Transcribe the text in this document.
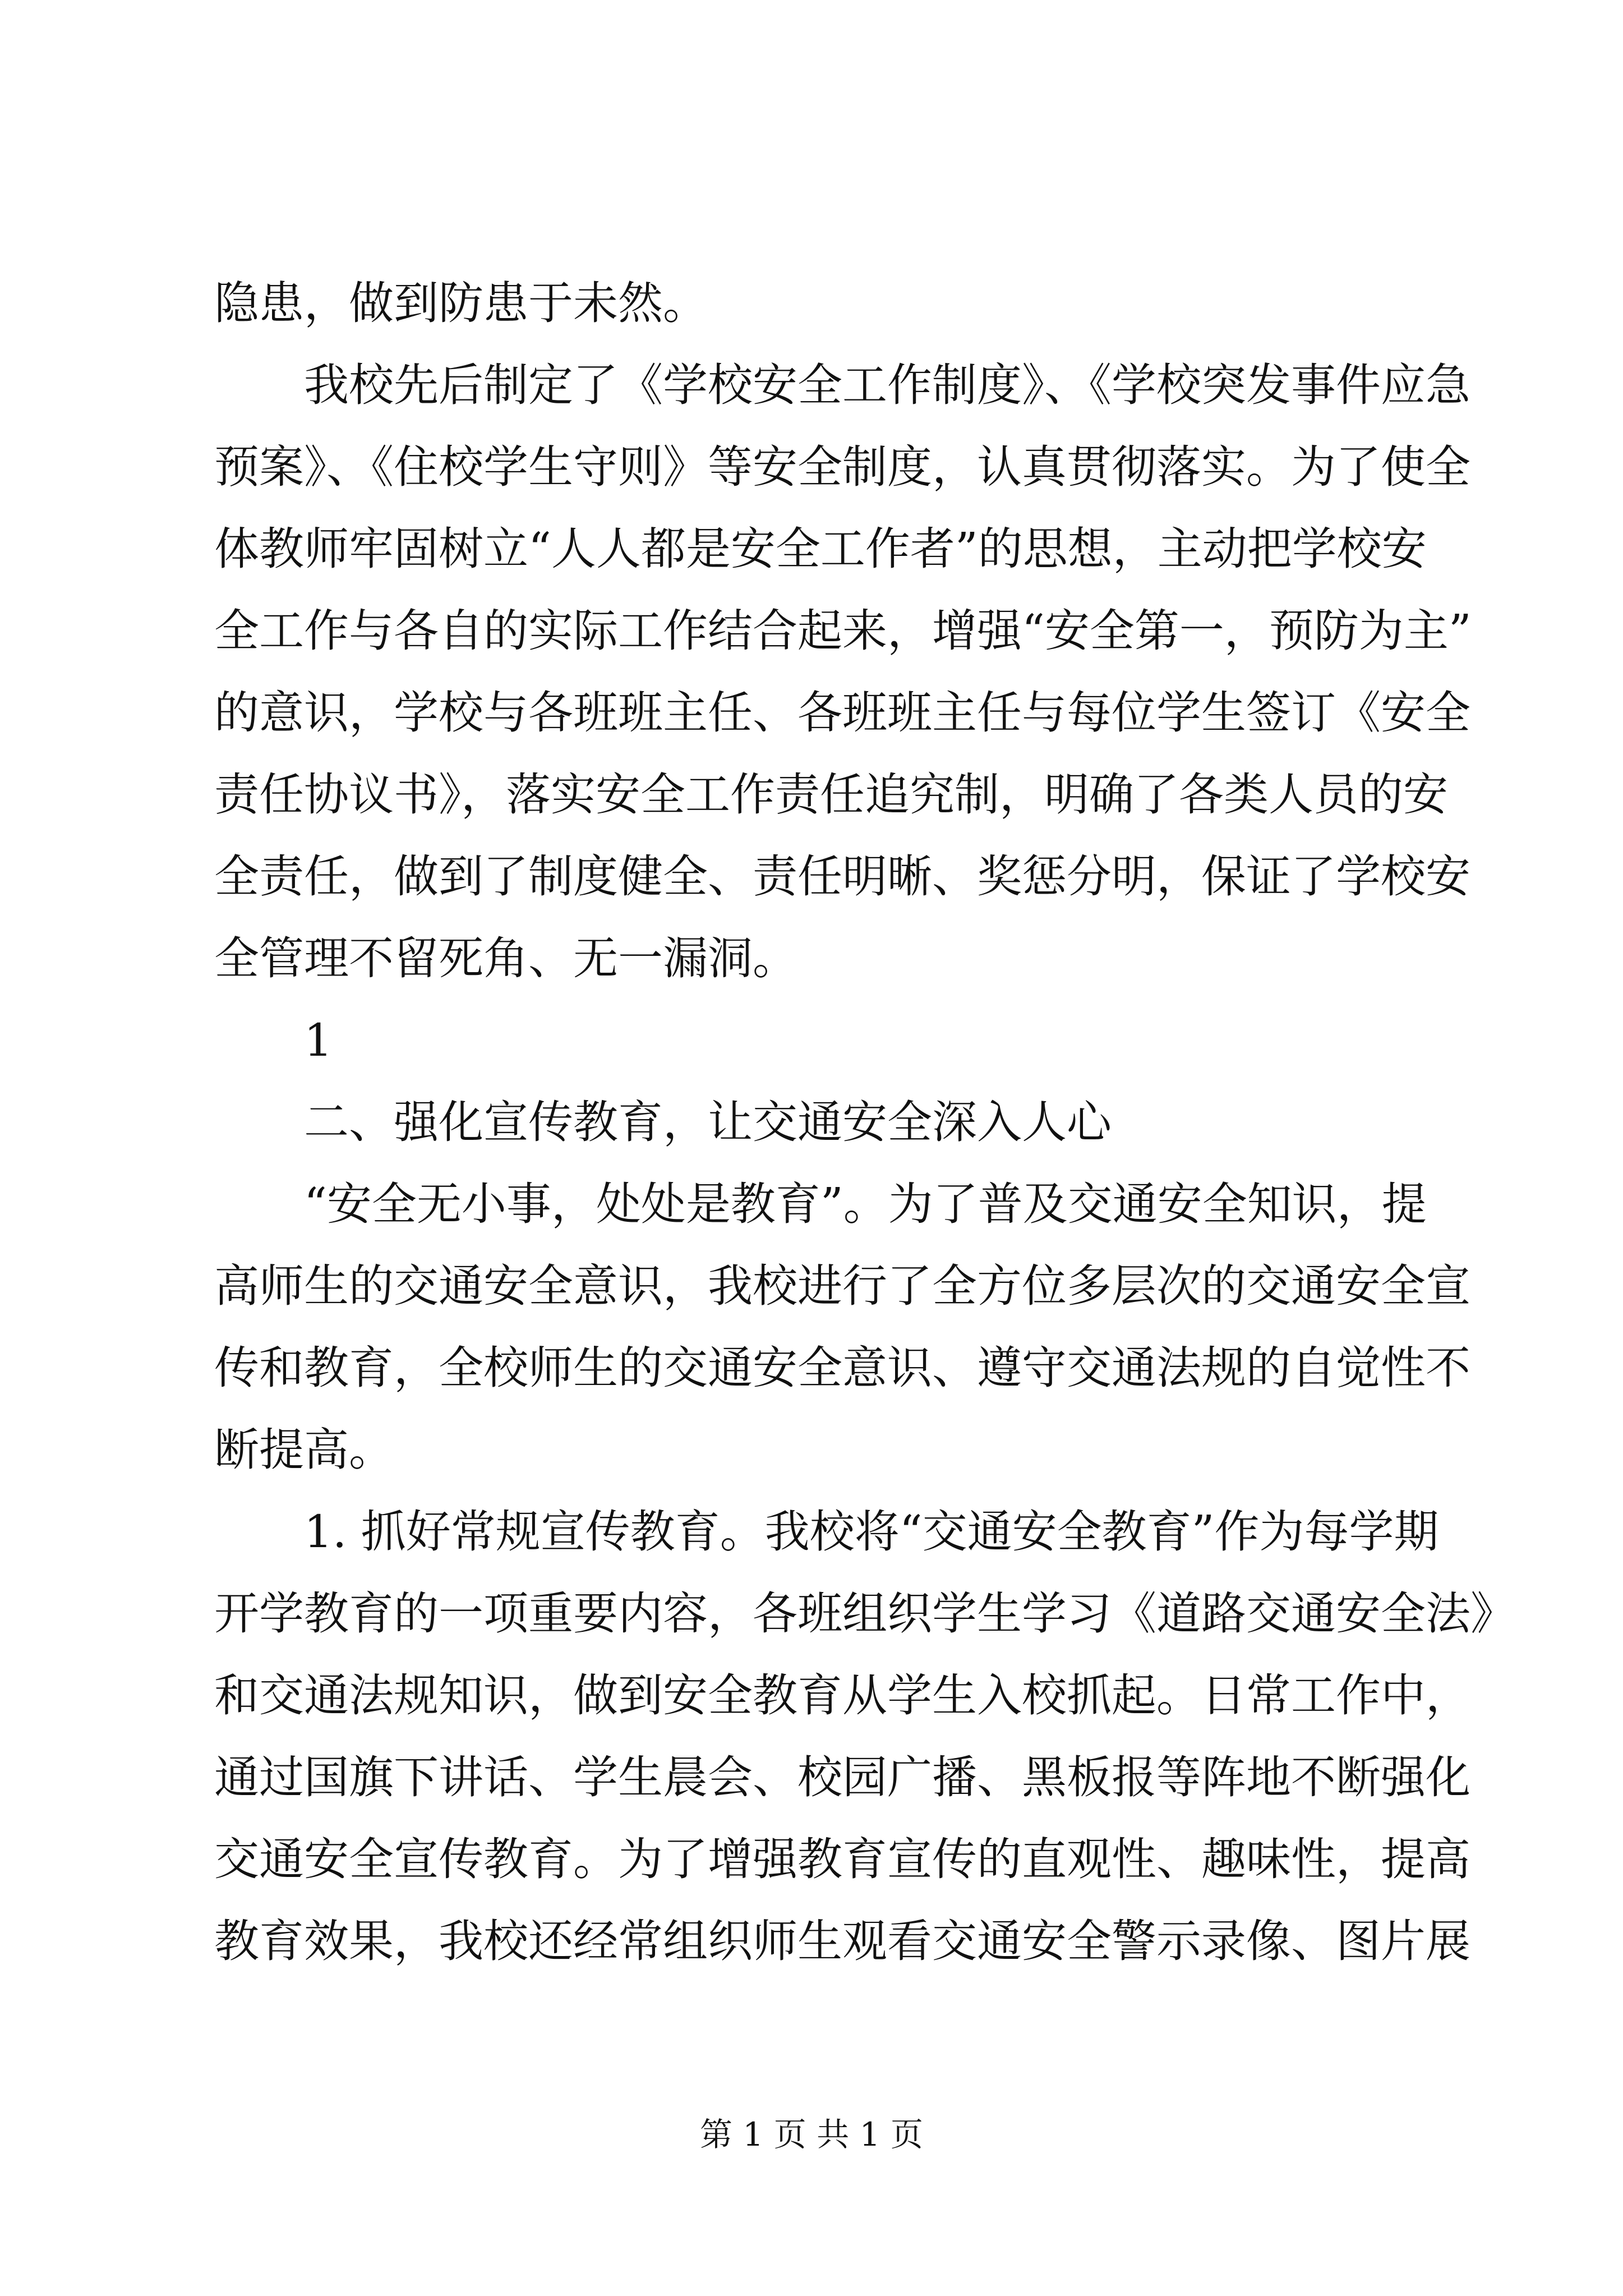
隐患，做到防患于未然。
我校先后制定了《学校安全工作制度》、《学校突发事件应急
预案》、《住校学生守则》等安全制度，认真贯彻落实。为了使全
体教师牢固树立“人人都是安全工作者”的思想，主动把学校安
全工作与各自的实际工作结合起来，增强“安全第一，预防为主”
的意识，学校与各班班主任、各班班主任与每位学生签订《安全
责任协议书》，落实安全工作责任追究制，明确了各类人员的安
全责任，做到了制度健全、责任明晰、奖惩分明，保证了学校安
全管理不留死角、无一漏洞。
1
二、强化宣传教育，让交通安全深入人心
“安全无小事，处处是教育”。为了普及交通安全知识，提
高师生的交通安全意识，我校进行了全方位多层次的交通安全宣
传和教育，全校师生的交通安全意识、遵守交通法规的自觉性不
断提高。
1. 抓好常规宣传教育。我校将“交通安全教育”作为每学期
开学教育的一项重要内容，各班组织学生学习《道路交通安全法》
和交通法规知识，做到安全教育从学生入校抓起。日常工作中，
通过国旗下讲话、学生晨会、校园广播、黑板报等阵地不断强化
交通安全宣传教育。为了增强教育宣传的直观性、趣味性，提高
教育效果，我校还经常组织师生观看交通安全警示录像、图片展
第 1 页 共 1 页
